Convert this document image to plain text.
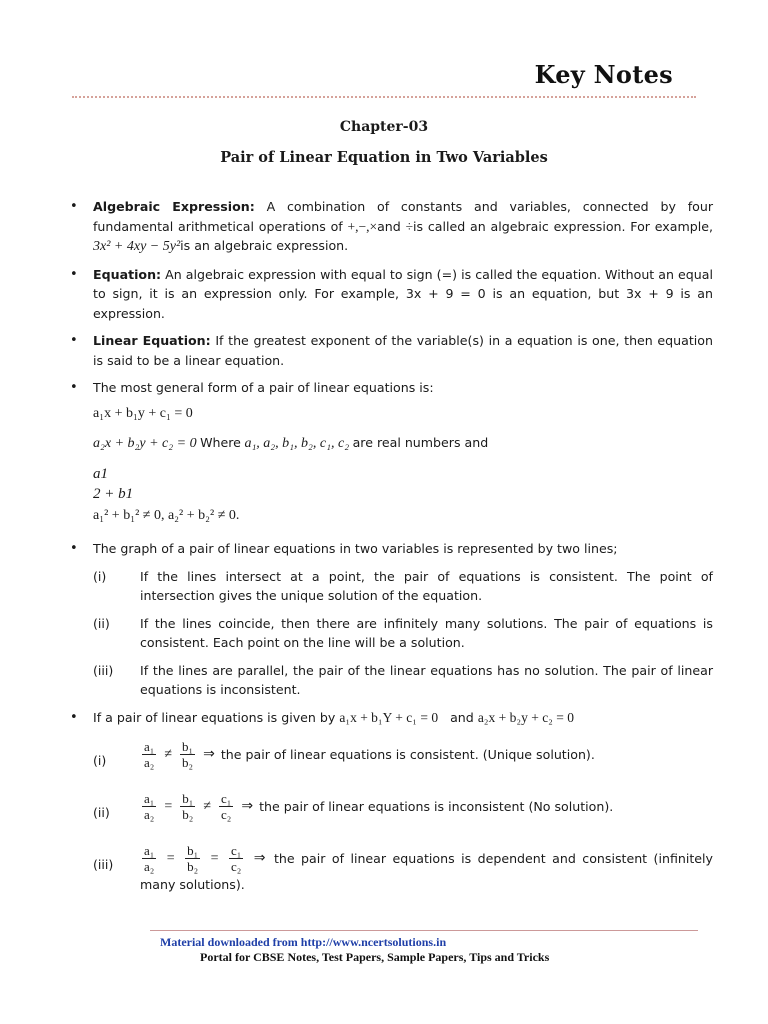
Key Notes
Chapter-03
Pair of Linear Equation in Two Variables
• Algebraic Expression: A combination of constants and variables, connected by four fundamental arithmetical operations of +,−,×and ÷is called an algebraic expression. For example, 3x² + 4xy − 5y²is an algebraic expression.
• Equation: An algebraic expression with equal to sign (=) is called the equation. Without an equal to sign, it is an expression only. For example, 3x + 9 = 0 is an equation, but 3x + 9 is an expression.
• Linear Equation: If the greatest exponent of the variable(s) in a equation is one, then equation is said to be a linear equation.
• The most general form of a pair of linear equations is:
a₁x + b₁y + c₁ = 0
a₂x + b₂y + c₂ = 0 Where a₁, a₂, b₁, b₂, c₁, c₂ are real numbers and
a1
2 + b1
a₁² + b₁² ≠ 0, a₂² + b₂² ≠ 0.
• The graph of a pair of linear equations in two variables is represented by two lines;
(i)	If the lines intersect at a point, the pair of equations is consistent. The point of intersection gives the unique solution of the equation.
(ii) If the lines coincide, then there are infinitely many solutions. The pair of equations is consistent. Each point on the line will be a solution.
(iii) If the lines are parallel, the pair of the linear equations has no solution. The pair of linear equations is inconsistent.
• If a pair of linear equations is given by a₁x + b₁Y + c₁ = 0 and a₂x + b₂y + c₂ = 0
(i)	$\frac{\text{a₁}}{\text{a₂}} \ne \frac{\text{b₁}}{\text{b₂}}$ ⇒ the pair of linear equations is consistent. (Unique solution).
$(ii) \frac{\text{a₁}}{\text{a₂}} = \frac{\text{b₁}}{\text{b₂}} \ne \frac{\text{c₁}}{\text{c₂}}$ ⇒ the pair of linear equations is inconsistent (No solution).
$(iii) \frac{\text{a₁}}{\text{a₂}} = \frac{\text{b₁}}{\text{b₂}} = \frac{\text{c₁}}{\text{c₂}}$ ⇒ the pair of linear equations is dependent and consistent (infinitely many solutions).
Material downloaded from http://www.ncertsolutions.in
Portal for CBSE Notes, Test Papers, Sample Papers, Tips and Tricks
